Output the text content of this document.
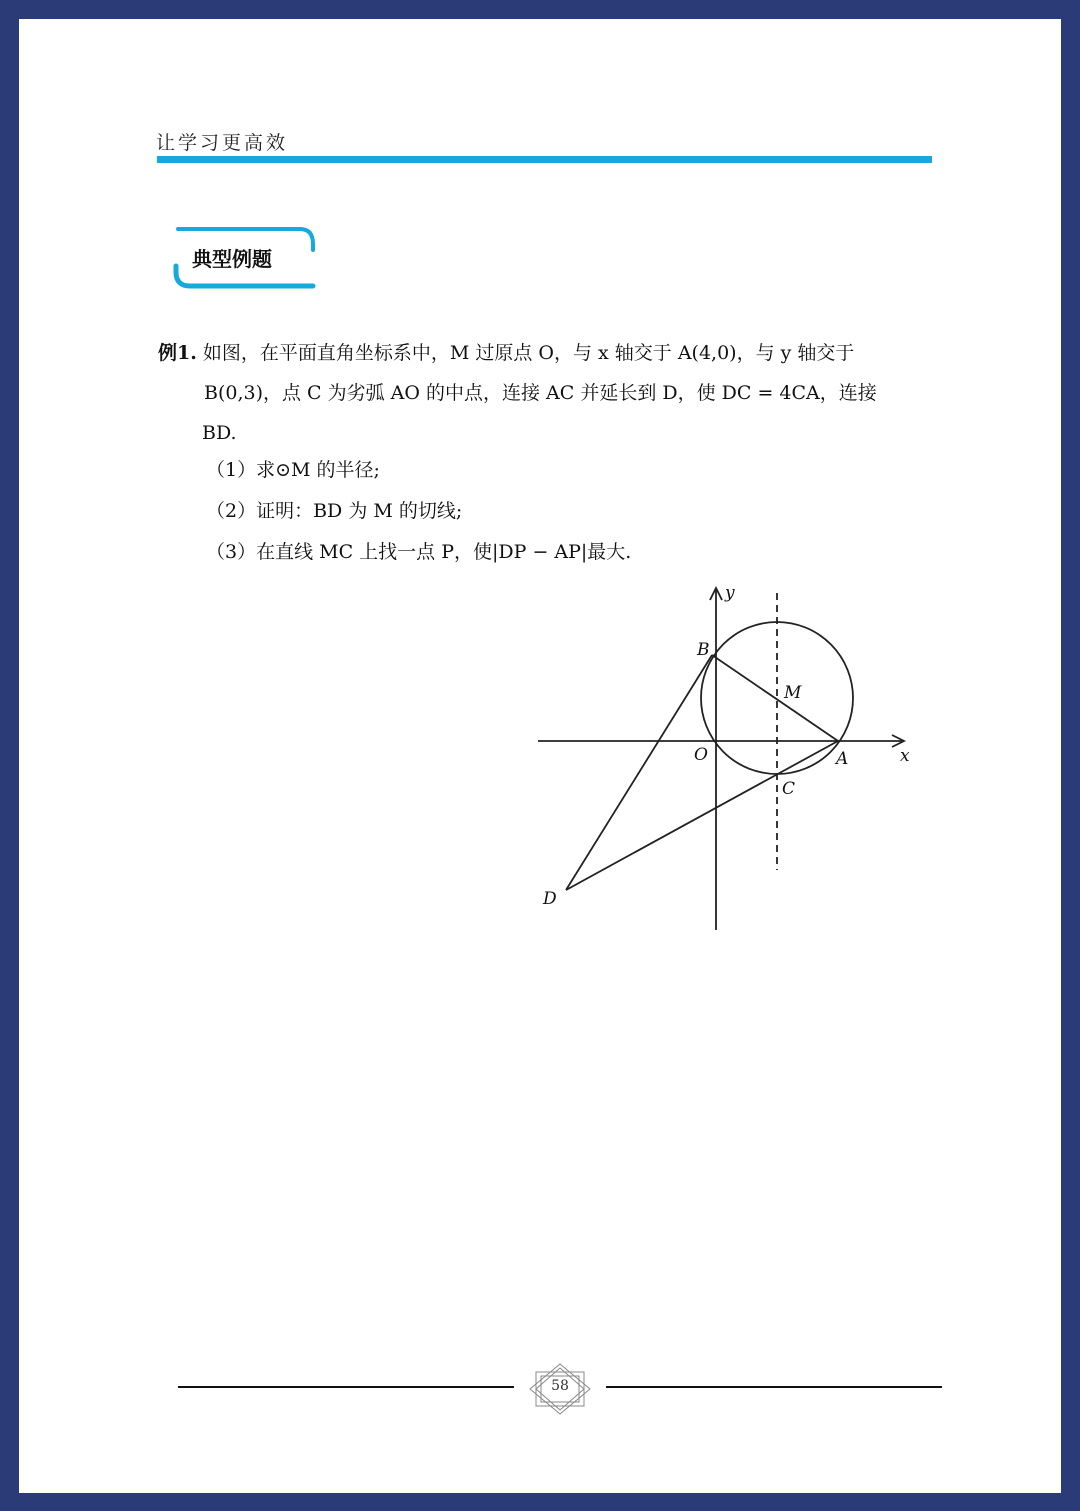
让学习更高效
典型例题
例1. 如图，在平面直角坐标系中，M 过原点 O，与 x 轴交于 A(4,0)，与 y 轴交于
B(0,3)，点 C 为劣弧 AO 的中点，连接 AC 并延长到 D，使 DC = 4CA，连接
BD.
（1）求⊙M 的半径;
（2）证明：BD 为 M 的切线;
（3）在直线 MC 上找一点 P，使|DP − AP|最大.
y
x
B
M
O	A
C
D
58
